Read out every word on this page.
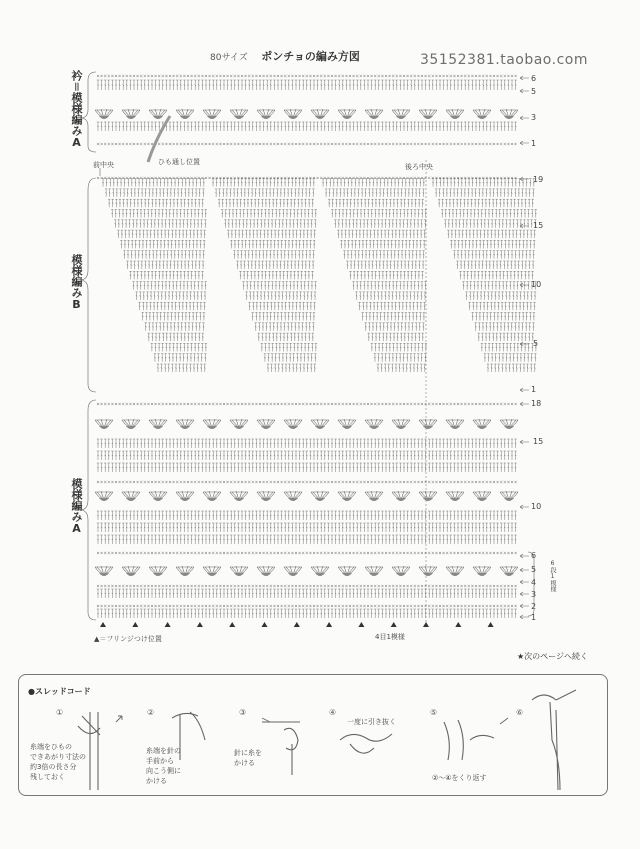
80サイズ ポンチョの編み方図	35152381.taobao.com
衿＝模様編みA
模様編みB
模様編みA
前中央	ひも通し位置
後ろ中央
4目1模様
6段1模様
▲＝フリンジつけ位置
★次のページへ続く
6
5
3
1
19
15
10
5
1
18
15
10
6
5
4
3
2
1
●スレッドコード
①	②	③	④	⑤	⑥
糸端をひもの
できあがり寸法の
約3倍の長さ分
残しておく
糸端を針の
手前から
向こう側に
かける
針に糸を
かける
一度に引き抜く
②〜④をくり返す
